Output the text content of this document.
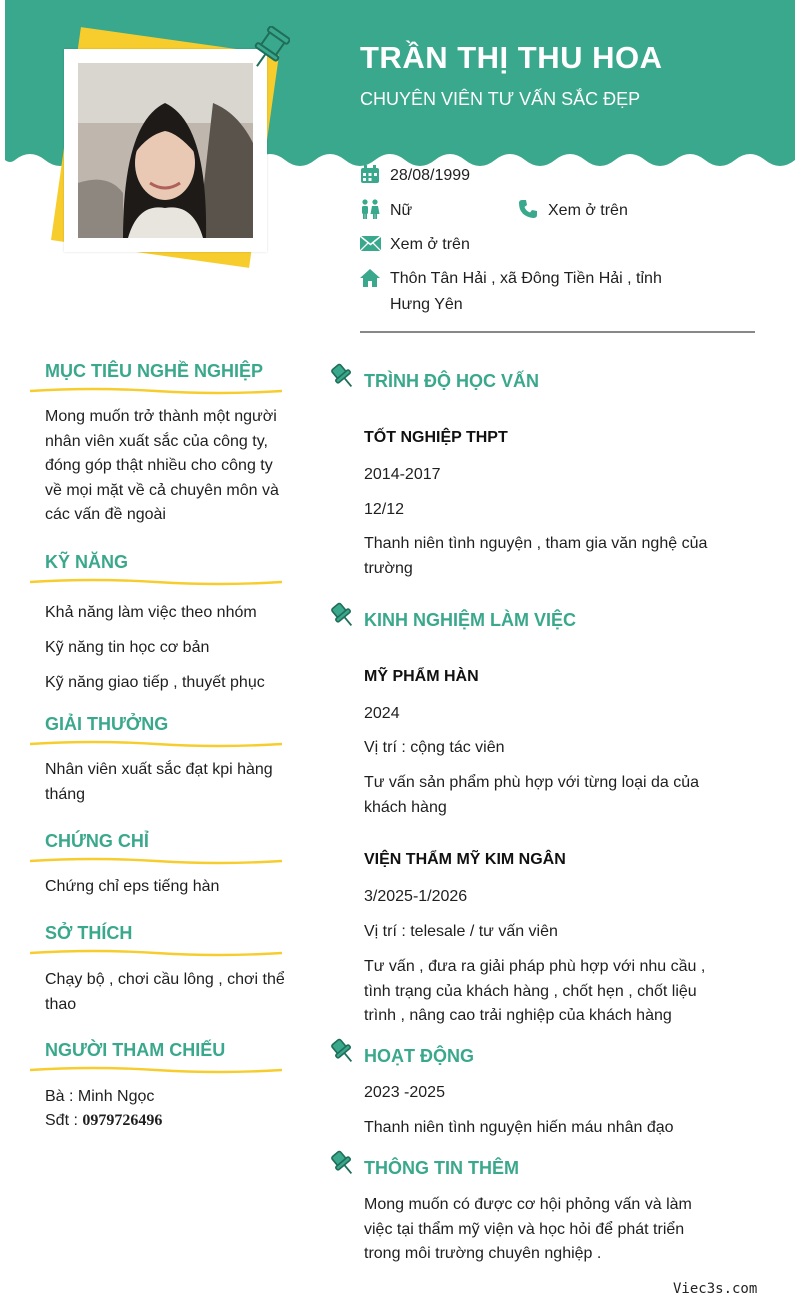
TRẦN THỊ THU HOA
CHUYÊN VIÊN TƯ VẤN SẮC ĐẸP
28/08/1999
Nữ	Xem ở trên
Xem ở trên
Thôn Tân Hải , xã Đông Tiền Hải , tỉnh
Hưng Yên
MỤC TIÊU NGHỀ NGHIỆP
Mong muốn trở thành một người
nhân viên xuất sắc của công ty,
đóng góp thật nhiều cho công ty
về mọi mặt về cả chuyên môn và
các vấn đề ngoài
KỸ NĂNG
Khả năng làm việc theo nhóm
Kỹ năng tin học cơ bản
Kỹ năng giao tiếp , thuyết phục
GIẢI THƯỞNG
Nhân viên xuất sắc đạt kpi hàng
tháng
CHỨNG CHỈ
Chứng chỉ eps tiếng hàn
SỞ THÍCH
Chạy bộ , chơi cầu lông , chơi thể
thao
NGƯỜI THAM CHIẾU
Bà : Minh Ngọc
Sđt : 0979726496
TRÌNH ĐỘ HỌC VẤN
TỐT NGHIỆP THPT
2014-2017
12/12
Thanh niên tình nguyện , tham gia văn nghệ của
trường
KINH NGHIỆM LÀM VIỆC
MỸ PHẨM HÀN
2024
Vị trí : cộng tác viên
Tư vấn sản phẩm phù hợp với từng loại da của
khách hàng
VIỆN THẨM MỸ KIM NGÂN
3/2025-1/2026
Vị trí : telesale / tư vấn viên
Tư vấn , đưa ra giải pháp phù hợp với nhu cầu ,
tình trạng của khách hàng , chốt hẹn , chốt liệu
trình , nâng cao trải nghiệp của khách hàng
HOẠT ĐỘNG
2023 -2025
Thanh niên tình nguyện hiến máu nhân đạo
THÔNG TIN THÊM
Mong muốn có được cơ hội phỏng vấn và làm
việc tại thẩm mỹ viện và học hỏi để phát triển
trong môi trường chuyên nghiệp .
Viec3s.com
